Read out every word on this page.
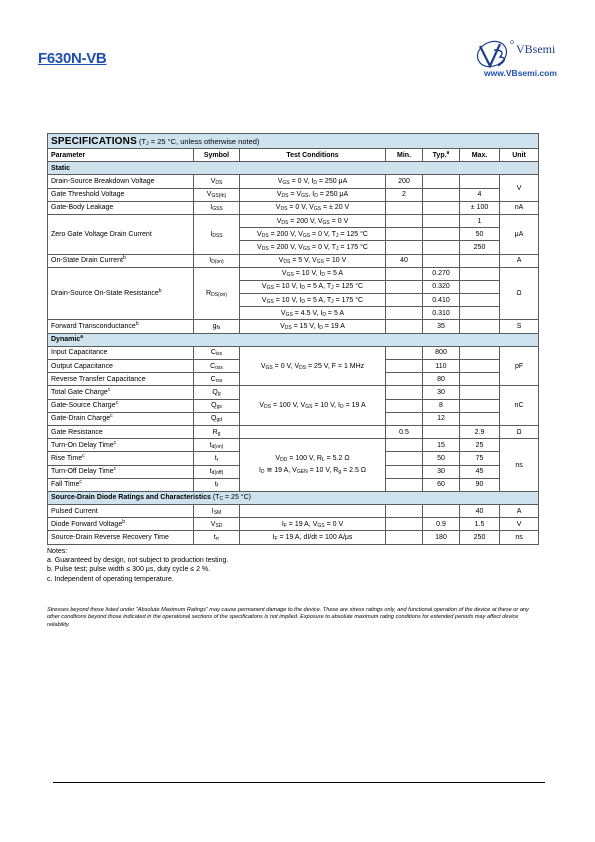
F630N-VB
VBsemi
www.VBsemi.com
SPECIFICATIONS ($T_J = 25$ °C, unless otherwise noted)						
Parameter	Symbol	Test Conditions	Min.	Typ.$^a$	Max.	Unit
Static						
Drain-Source Breakdown Voltage	$V_{DS}$	$V_{GS} = 0$ V, $I_D = 250$ μA	200			V
Gate Threshold Voltage	$V_{GS(th)}$	$V_{DS} = V_{GS}$, $I_D = 250$ μA	2		4	
Gate-Body Leakage	$I_{GSS}$	$V_{DS} = 0$ V, $V_{GS}$ = ± 20 V			± 100	nA
Zero Gate Voltage Drain Current	$I_{DSS}$	$V_{DS} = 200$ V, $V_{GS} = 0$ V			1	μA
		$V_{DS} = 200$ V, $V_{GS} = 0$ V, $T_J = 125$ °C			50	
		$V_{DS} = 200$ V, $V_{GS} = 0$ V, $T_J = 175$ °C			250	
On-State Drain Current$^b$	$I_{D(on)}$	$V_{DS} = 5$ V, $V_{GS} = 10$ V	40			A
Drain-Source On-State Resistance$^b$	$R_{DS(on)}$	$V_{GS} = 10$ V, $I_D = 5$ A		0.270		Ω
		$V_{GS} = 10$ V, $I_D = 5$ A, $T_J = 125$ °C		0.320		
		$V_{GS} = 10$ V, $I_D = 5$ A, $T_J = 175$ °C		0.410		
		$V_{GS} = 4.5$ V, $I_D = 5$ A		0.310		
Forward Transconductance$^b$	$g_{fs}$	$V_{DS} = 15$ V, $I_D = 19$ A		35		S
Dynamic$^a$
Input Capacitance	$C_{iss}$	$V_{GS} = 0$ V, $V_{DS} = 25$ V, F = 1 MHz		800		pF
Output Capacitance	$C_{oss}$			110		
Reverse Transfer Capacitance	$C_{rss}$			80		
Total Gate Charge$^c$	$Q_g$	$V_{DS} = 100$ V, $V_{GS} = 10$ V, $I_D = 19$ A		30		nC
Gate-Source Charge$^c$	$Q_{gs}$			8		
Gate-Drain Charge$^c$	$Q_{gd}$			12		
Gate Resistance	$R_g$		0.5		2.9	Ω
Turn-On Delay Time$^c$	$t_{d(on)}$	$V_{DD} = 100$ V, $R_L = 5.2$ Ω
$I_D$ ≅ 19 A, $V_{GEN} = 10$ V, $R_g = 2.5$ Ω		15	25	ns
Rise Time$^c$	$t_r$			50	75	
Turn-Off Delay Time$^c$	$t_{d(off)}$			30	45	
Fall Time$^c$	$t_f$			60	90	
Source-Drain Diode Ratings and Characteristics ($T_C = 25$ °C)						
Pulsed Current	$I_{SM}$				40	A
Diode Forward Voltage$^b$	$V_{SD}$	$I_F = 19$ A, $V_{GS} = 0$ V		0.9	1.5	V
Source-Drain Reverse Recovery Time	$t_{rr}$	$I_F = 19$ A, dI/dt = 100 A/μs		180	250	ns
Notes:
a. Guaranteed by design, not subject to production testing.
b. Pulse test; pulse width ≤ 300 μs, duty cycle ≤ 2 %.
c. Independent of operating temperature.
Stresses beyond those listed under “Absolute Maximum Ratings” may cause permanent damage to the device. These are stress ratings only, and functional operation of the device at these or any other conditions beyond those indicated in the operational sections of the specifications is not implied. Exposure to absolute maximum rating conditions for extended periods may affect device reliability.
